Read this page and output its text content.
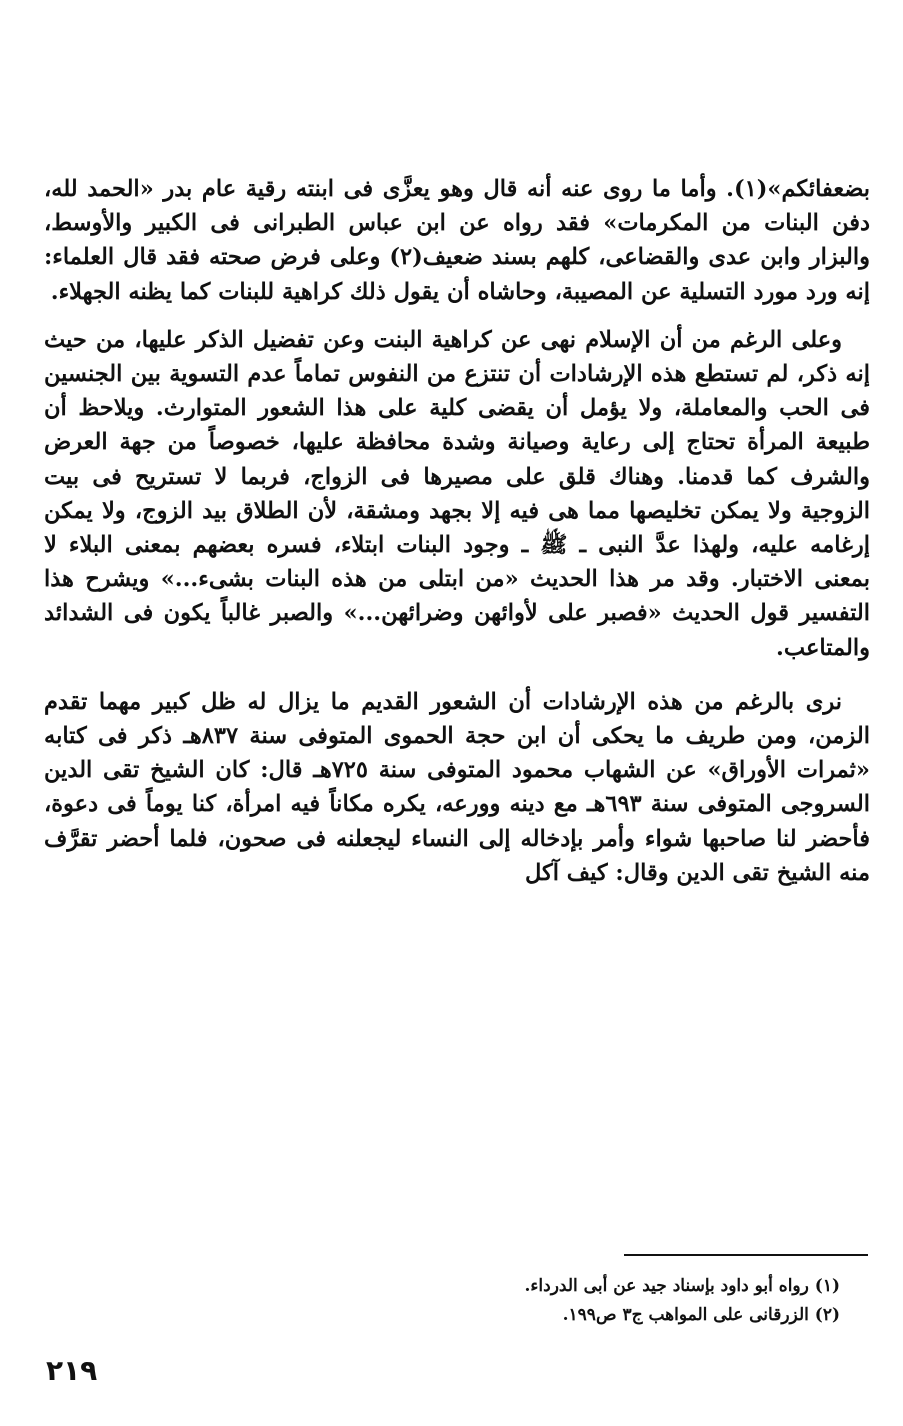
بضعفائكم»(١). وأما ما روى عنه أنه قال وهو يعزَّى فى ابنته رقية عام بدر «الحمد لله، دفن البنات من المكرمات» فقد رواه عن ابن عباس الطبرانى فى الكبير والأوسط، والبزار وابن عدى والقضاعى، كلهم بسند ضعيف(٢) وعلى فرض صحته فقد قال العلماء: إنه ورد مورد التسلية عن المصيبة، وحاشاه أن يقول ذلك كراهية للبنات كما يظنه الجهلاء.

وعلى الرغم من أن الإسلام نهى عن كراهية البنت وعن تفضيل الذكر عليها، من حيث إنه ذكر، لم تستطع هذه الإرشادات أن تنتزع من النفوس تماماً عدم التسوية بين الجنسين فى الحب والمعاملة، ولا يؤمل أن يقضى كلية على هذا الشعور المتوارث. ويلاحظ أن طبيعة المرأة تحتاج إلى رعاية وصيانة وشدة محافظة عليها، خصوصاً من جهة العرض والشرف كما قدمنا. وهناك قلق على مصيرها فى الزواج، فربما لا تستريح فى بيت الزوجية ولا يمكن تخليصها مما هى فيه إلا بجهد ومشقة، لأن الطلاق بيد الزوج، ولا يمكن إرغامه عليه، ولهذا عدَّ النبى ـ ﷺ ـ وجود البنات ابتلاء، فسره بعضهم بمعنى البلاء لا بمعنى الاختبار. وقد مر هذا الحديث «من ابتلى من هذه البنات بشىء...» ويشرح هذا التفسير قول الحديث «فصبر على لأوائهن وضرائهن...» والصبر غالباً يكون فى الشدائد والمتاعب.

نرى بالرغم من هذه الإرشادات أن الشعور القديم ما يزال له ظل كبير مهما تقدم الزمن، ومن طريف ما يحكى أن ابن حجة الحموى المتوفى سنة ٨٣٧هـ ذكر فى كتابه «ثمرات الأوراق» عن الشهاب محمود المتوفى سنة ٧٢٥هـ قال: كان الشيخ تقى الدين السروجى المتوفى سنة ٦٩٣هـ مع دينه وورعه، يكره مكاناً فيه امرأة، كنا يوماً فى دعوة، فأحضر لنا صاحبها شواء وأمر بإدخاله إلى النساء ليجعلنه فى صحون، فلما أحضر تقرَّف منه الشيخ تقى الدين وقال: كيف آكل

(١) رواه أبو داود بإسناد جيد عن أبى الدرداء.
(٢) الزرقانى على المواهب ج٣ ص١٩٩.
٢١٩
